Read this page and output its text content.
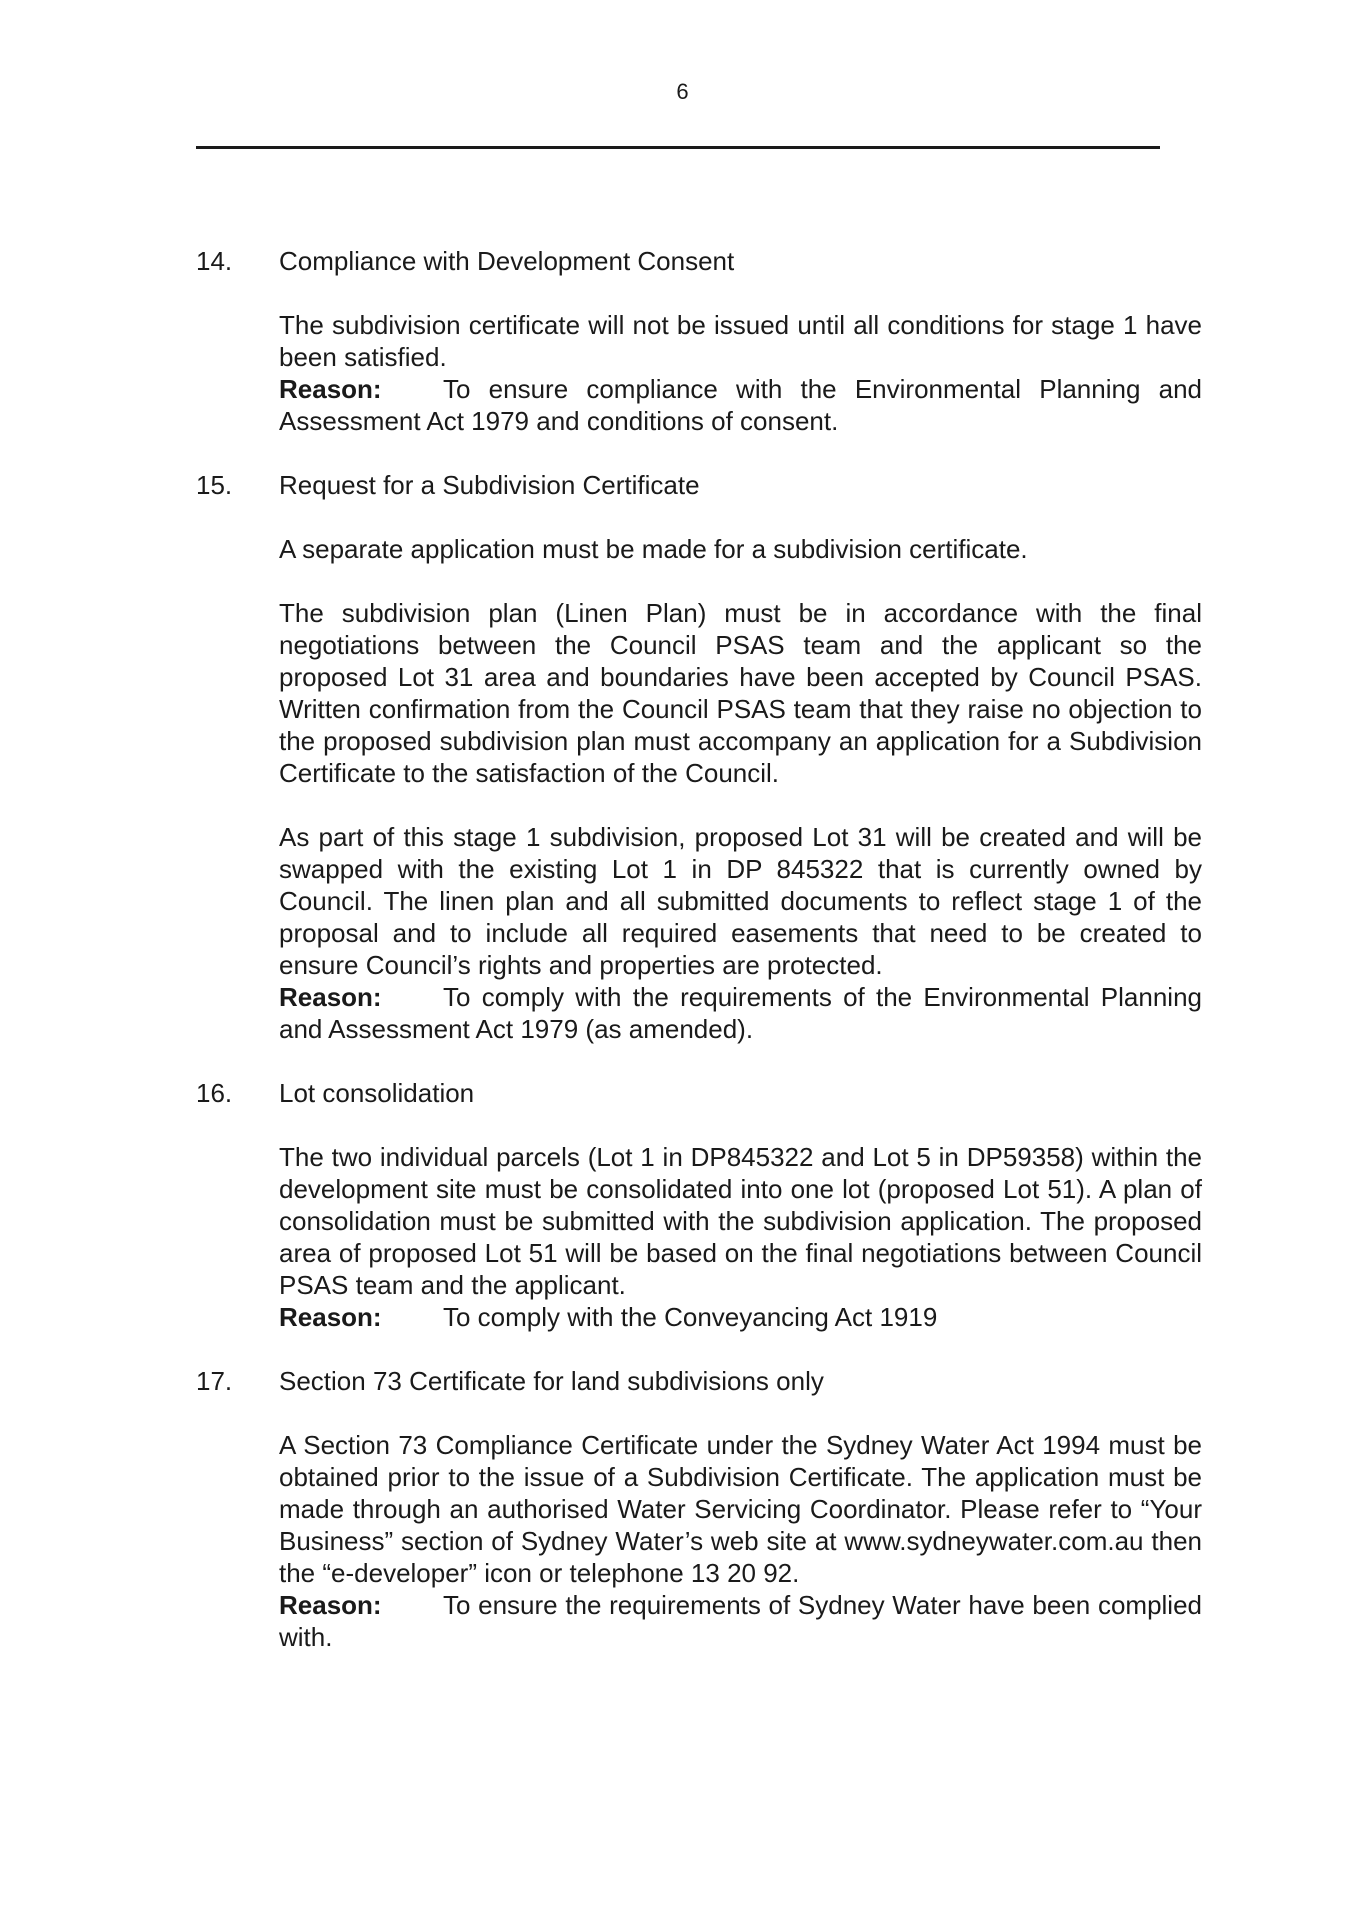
6
14.	Compliance with Development Consent
The subdivision certificate will not be issued until all conditions for stage 1 have been satisfied.
Reason: To ensure compliance with the Environmental Planning and Assessment Act 1979 and conditions of consent.
15.	Request for a Subdivision Certificate
A separate application must be made for a subdivision certificate.
The subdivision plan (Linen Plan) must be in accordance with the final negotiations between the Council PSAS team and the applicant so the proposed Lot 31 area and boundaries have been accepted by Council PSAS. Written confirmation from the Council PSAS team that they raise no objection to the proposed subdivision plan must accompany an application for a Subdivision Certificate to the satisfaction of the Council.
As part of this stage 1 subdivision, proposed Lot 31 will be created and will be swapped with the existing Lot 1 in DP 845322 that is currently owned by Council. The linen plan and all submitted documents to reflect stage 1 of the proposal and to include all required easements that need to be created to ensure Council’s rights and properties are protected.
Reason: To comply with the requirements of the Environmental Planning and Assessment Act 1979 (as amended).
16.	Lot consolidation
The two individual parcels (Lot 1 in DP845322 and Lot 5 in DP59358) within the development site must be consolidated into one lot (proposed Lot 51). A plan of consolidation must be submitted with the subdivision application. The proposed area of proposed Lot 51 will be based on the final negotiations between Council PSAS team and the applicant.
Reason: To comply with the Conveyancing Act 1919
17.	Section 73 Certificate for land subdivisions only
A Section 73 Compliance Certificate under the Sydney Water Act 1994 must be obtained prior to the issue of a Subdivision Certificate. The application must be made through an authorised Water Servicing Coordinator. Please refer to “Your Business” section of Sydney Water’s web site at www.sydneywater.com.au then the “e-developer” icon or telephone 13 20 92.
Reason: To ensure the requirements of Sydney Water have been complied with.
